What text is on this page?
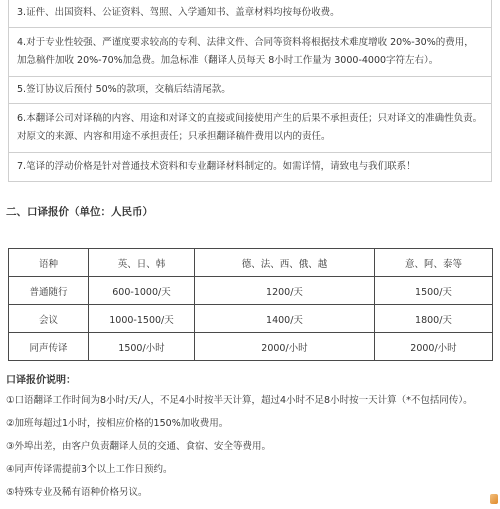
3.证件、出国资料、公证资料、驾照、入学通知书、盖章材料均按每份收费。
4.对于专业性较强、严谨度要求较高的专利、法律文件、合同等资料将根据技术难度增收 20%-30%的费用，加急稿件加收 20%-70%加急费。加急标准（翻译人员每天 8小时工作量为 3000-4000字符左右）。
5.签订协议后预付 50%的款项，交稿后结清尾款。
6.本翻译公司对译稿的内容、用途和对译文的直接或间接使用产生的后果不承担责任；只对译文的准确性负责。对原文的来源、内容和用途不承担责任；只承担翻译稿件费用以内的责任。
7.笔译的浮动价格是针对普通技术资料和专业翻译材料制定的。如需详情，请致电与我们联系！
二、口译报价（单位：人民币）
语种	英、日、韩	德、法、西、俄、越	意、阿、泰等
普通随行	600-1000/天	1200/天	1500/天
会议	1000-1500/天	1400/天	1800/天
同声传译	1500/小时	2000/小时	2000/小时
口译报价说明：
①口语翻译工作时间为8小时/天/人，不足4小时按半天计算，超过4小时不足8小时按一天计算（*不包括同传）。
②加班每超过1小时，按相应价格的150%加收费用。
③外埠出差，由客户负责翻译人员的交通、食宿、安全等费用。
④同声传译需提前3个以上工作日预约。
⑤特殊专业及稀有语种价格另议。
